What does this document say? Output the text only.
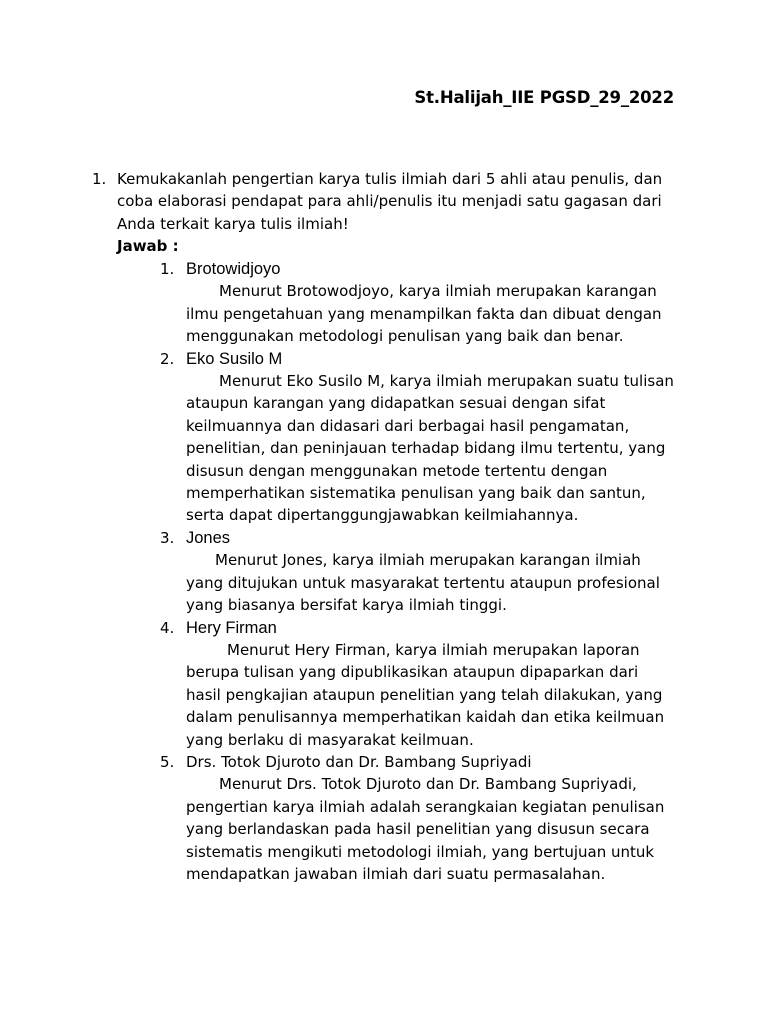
St.Halijah_IIE PGSD_29_2022
1. Kemukakanlah pengertian karya tulis ilmiah dari 5 ahli atau penulis, dan coba elaborasi pendapat para ahli/penulis itu menjadi satu gagasan dari Anda terkait karya tulis ilmiah!
Jawab :
1. Brotowidjoyo
Menurut Brotowodjoyo, karya ilmiah merupakan karangan ilmu pengetahuan yang menampilkan fakta dan dibuat dengan menggunakan metodologi penulisan yang baik dan benar.
2. Eko Susilo M
Menurut Eko Susilo M, karya ilmiah merupakan suatu tulisan ataupun karangan yang didapatkan sesuai dengan sifat keilmuannya dan didasari dari berbagai hasil pengamatan, penelitian, dan peninjauan terhadap bidang ilmu tertentu, yang disusun dengan menggunakan metode tertentu dengan memperhatikan sistematika penulisan yang baik dan santun, serta dapat dipertanggungjawabkan keilmiahannya.
3. Jones
Menurut Jones, karya ilmiah merupakan karangan ilmiah yang ditujukan untuk masyarakat tertentu ataupun profesional yang biasanya bersifat karya ilmiah tinggi.
4. Hery Firman
Menurut Hery Firman, karya ilmiah merupakan laporan berupa tulisan yang dipublikasikan ataupun dipaparkan dari hasil pengkajian ataupun penelitian yang telah dilakukan, yang dalam penulisannya memperhatikan kaidah dan etika keilmuan yang berlaku di masyarakat keilmuan.
5. Drs. Totok Djuroto dan Dr. Bambang Supriyadi
Menurut Drs. Totok Djuroto dan Dr. Bambang Supriyadi, pengertian karya ilmiah adalah serangkaian kegiatan penulisan yang berlandaskan pada hasil penelitian yang disusun secara sistematis mengikuti metodologi ilmiah, yang bertujuan untuk mendapatkan jawaban ilmiah dari suatu permasalahan.
